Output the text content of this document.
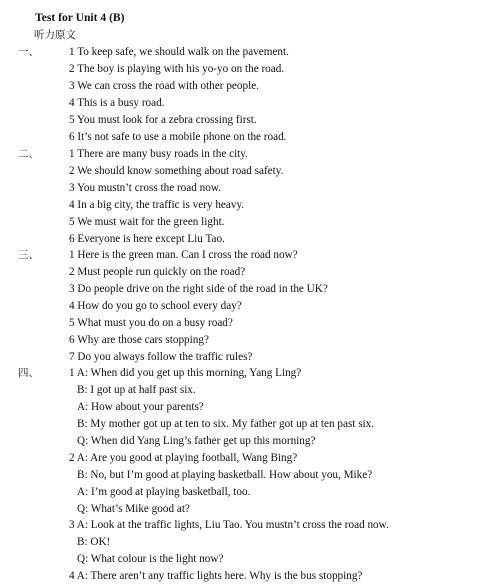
Test for Unit 4 (B)
听力原文
一、	1 To keep safe, we should walk on the pavement.
2 The boy is playing with his yo-yo on the road.
3 We can cross the road with other people.
4 This is a busy road.
5 You must look for a zebra crossing first.
6 It’s not safe to use a mobile phone on the road.
二、	1 There are many busy roads in the city.
2 We should know something about road safety.
3 You mustn’t cross the road now.
4 In a big city, the traffic is very heavy.
5 We must wait for the green light.
6 Everyone is here except Liu Tao.
三、	1 Here is the green man. Can I cross the road now?
2 Must people run quickly on the road?
3 Do people drive on the right side of the road in the UK?
4 How do you go to school every day?
5 What must you do on a busy road?
6 Why are those cars stopping?
7 Do you always follow the traffic rules?
四、	1 A: When did you get up this morning, Yang Ling?
B: I got up at half past six.
A: How about your parents?
B: My mother got up at ten to six. My father got up at ten past six.
Q: When did Yang Ling’s father get up this morning?
2 A: Are you good at playing football, Wang Bing?
B: No, but I’m good at playing basketball. How about you, Mike?
A: I’m good at playing basketball, too.
Q: What’s Mike good at?
3 A: Look at the traffic lights, Liu Tao. You mustn’t cross the road now.
B: OK!
Q: What colour is the light now?
4 A: There aren’t any traffic lights here. Why is the bus stopping?
